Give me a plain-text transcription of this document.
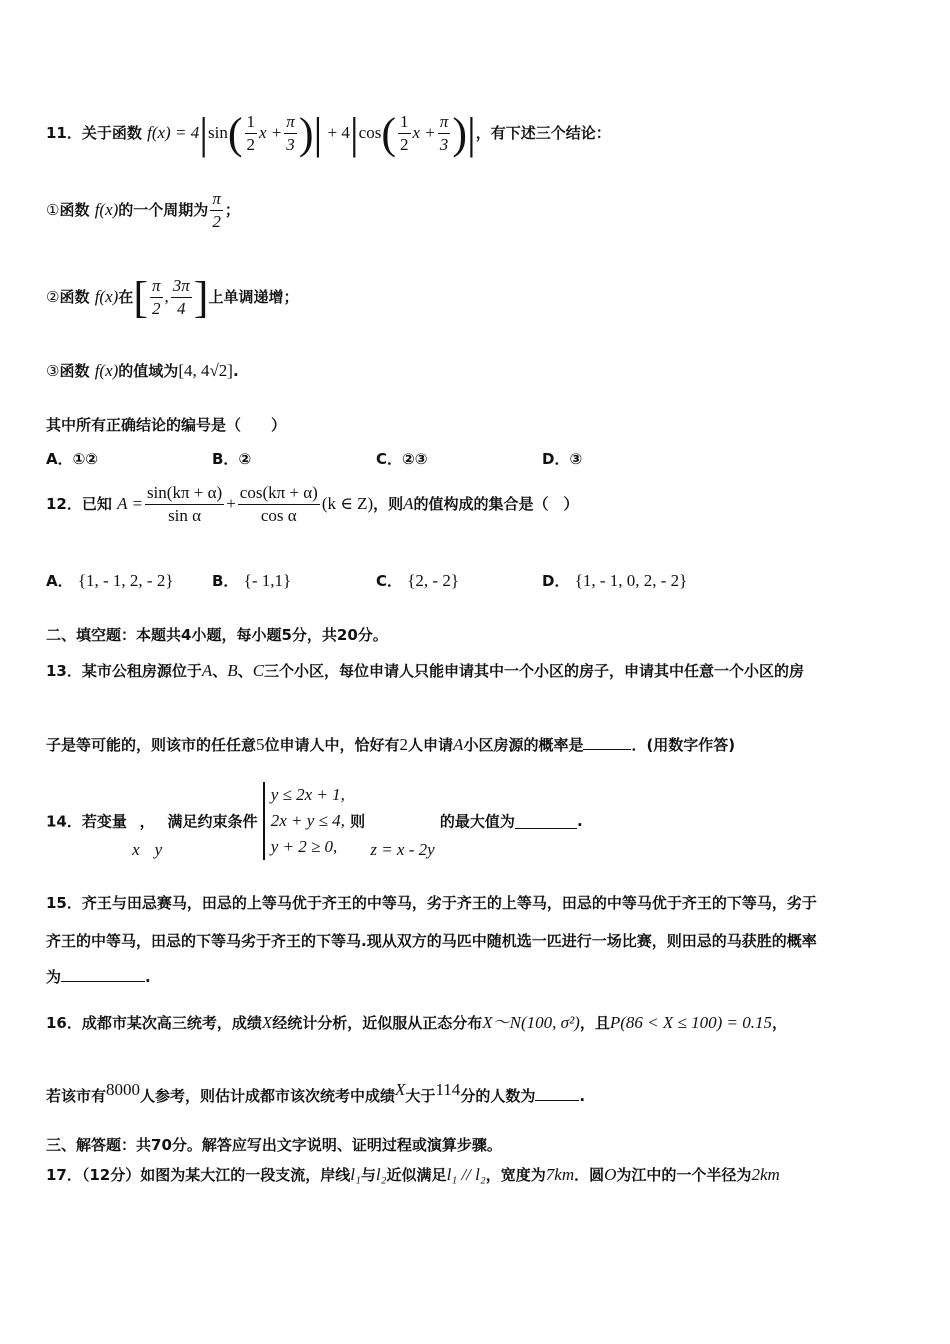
11．关于函数 $f(x) = 4|\sin( \frac{1}{2}$ $x + \frac{\pi}{3}$ )| + $4|\cos( \frac{1}{2}$ $x + \frac{\pi}{3}$ )|，有下述三个结论：
①函数 f(x)的一个周期为 $\frac{\pi}{2}$ ；
②函数 f(x)在[ $\frac{\pi}{2}$ , $\frac{3\pi}{4}$ ]上单调递增；
③函数 f(x)的值域为[4, 4√2].
其中所有正确结论的编号是（　　）
A．①②	B．②	C．②③	D．③
12．已知 $A = \frac{\sin(k\pi + \alpha)}{\text{sin α}} + \frac{\cos(k\pi + \alpha)}{\text{cos α}} (k$ ∈ Z)，则A的值构成的集合是（　）
A． {1, - 1, 2, - 2}	B． {- 1,1}	C． {2, - 2}	D． {1, - 1, 0, 2, - 2}
二、填空题：本题共4小题，每小题5分，共20分。
13．某市公租房源位于A、B、C三个小区，每位申请人只能申请其中一个小区的房子，申请其中任意一个小区的房
子是等可能的，则该市的任任意5位申请人中，恰好有2人申请A小区房源的概率是	．(用数字作答)
14．若变量 x，y 满足约束条件
y ≤ 2x + 1,
2x + y ≤ 4,
y + 2 ≥ 0,
则 z = x - 2y 的最大值为	.
15．齐王与田忌赛马，田忌的上等马优于齐王的中等马，劣于齐王的上等马，田忌的中等马优于齐王的下等马，劣于
齐王的中等马，田忌的下等马劣于齐王的下等马.现从双方的马匹中随机选一匹进行一场比赛，则田忌的马获胜的概率
为	.
16．成都市某次高三统考，成绩X经统计分析，近似服从正态分布X～N(100, σ²)，且P(86 < X ≤ 100) = 0.15，
若该市有8000人参考，则估计成都市该次统考中成绩X大于114分的人数为	.
三、解答题：共70分。解答应写出文字说明、证明过程或演算步骤。
17．（12分）如图为某大江的一段支流，岸线l₁与l₂近似满足l₁ // l₂，宽度为7km．圆O为江中的一个半径为2km
